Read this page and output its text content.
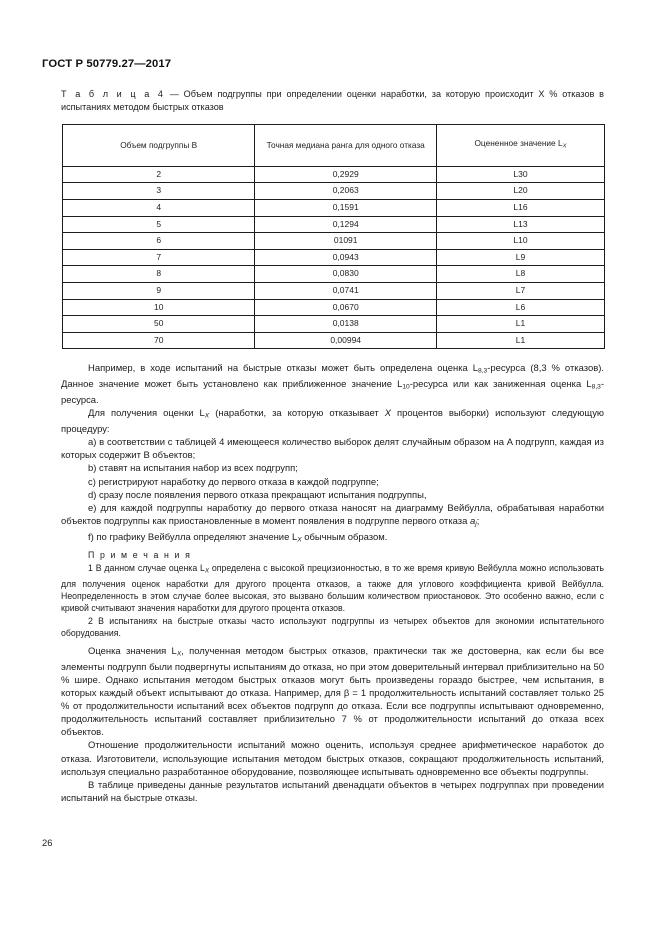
ГОСТ Р 50779.27—2017

Т а б л и ц а 4 — Объем подгруппы при определении оценки наработки, за которую происходит X % отказов в испытаниях методом быстрых отказов

Объем подгруппы B	Точная медиана ранга для одного отказа	Оцененное значение $L_X$
2	0,2929	L30
3	0,2063	L20
4	0,1591	L16
5	0,1294	L13
6	01091	L10
7	0,0943	L9
8	0,0830	L8
9	0,0741	L7
10	0,0670	L6
50	0,0138	L1
70	0,00994	L1

Например, в ходе испытаний на быстрые отказы может быть определена оценка $L_{8,3}$-ресурса (8,3 % отказов). Данное значение может быть установлено как приближенное значение $L_{10}$-ресурса или как заниженная оценка $L_{8,3}$-ресурса.

Для получения оценки $L_X$ (наработки, за которую отказывает X процентов выборки) используют следующую процедуру:

a) в соответствии с таблицей 4 имеющееся количество выборок делят случайным образом на A подгрупп, каждая из которых содержит B объектов;

b) ставят на испытания набор из всех подгрупп;

c) регистрируют наработку до первого отказа в каждой подгруппе;

d) сразу после появления первого отказа прекращают испытания подгруппы,

e) для каждой подгруппы наработку до первого отказа наносят на диаграмму Вейбулла, обрабатывая наработки объектов подгруппы как приостановленные в момент появления в подгруппе первого отказа $a_j$;

f) по графику Вейбулла определяют значение $L_X$ обычным образом.

П р и м е ч а н и я

1 В данном случае оценка $L_X$ определена с высокой прецизионностью, в то же время кривую Вейбулла можно использовать для получения оценок наработки для другого процента отказов, а также для углового коэффициента кривой Вейбулла. Неопределенность в этом случае более высокая, это вызвано большим количеством приостановок. Это особенно важно, если с кривой считывают значения наработки для другого процента отказов.

2 В испытаниях на быстрые отказы часто используют подгруппы из четырех объектов для экономии испытательного оборудования.

Оценка значения $L_X$, полученная методом быстрых отказов, практически так же достоверна, как если бы все элементы подгрупп были подвергнуты испытаниям до отказа, но при этом доверительный интервал приблизительно на 50 % шире. Однако испытания методом быстрых отказов могут быть произведены гораздо быстрее, чем испытания, в которых каждый объект испытывают до отказа. Например, для β = 1 продолжительность испытаний составляет только 25 % от продолжительности испытаний всех объектов подгрупп до отказа. Если все подгруппы испытывают одновременно, продолжительность испытаний составляет приблизительно 7 % от продолжительности испытаний до отказа всех объектов.

Отношение продолжительности испытаний можно оценить, используя среднее арифметическое наработок до отказа. Изготовители, использующие испытания методом быстрых отказов, сокращают продолжительность испытаний, используя специально разработанное оборудование, позволяющее испытывать одновременно все объекты подгруппы.

В таблице приведены данные результатов испытаний двенадцати объектов в четырех подгруппах при проведении испытаний на быстрые отказы.

26
